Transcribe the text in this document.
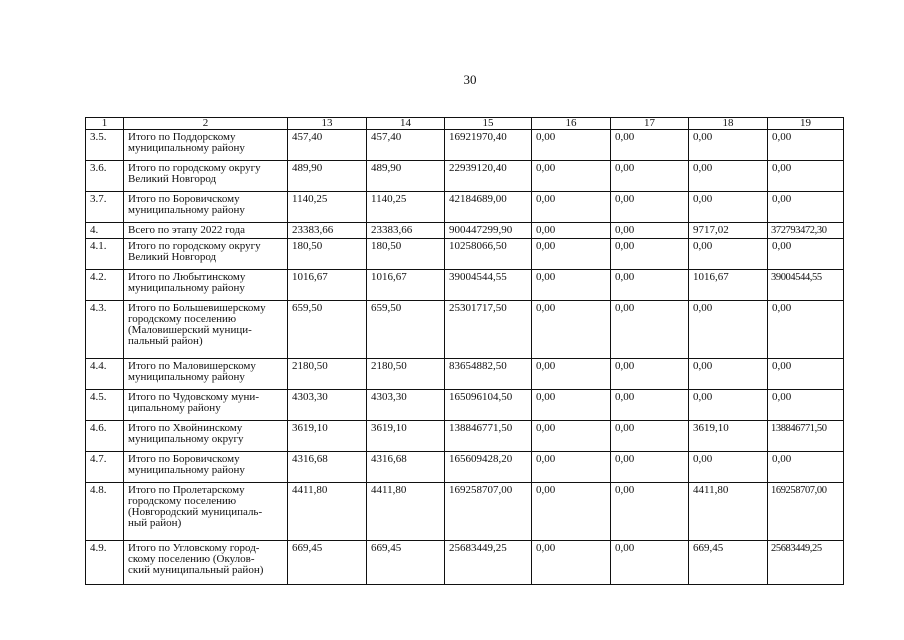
30
1	2	13	14	15	16	17	18	19
3.5.	Итого по Поддорскому
муниципальному району	457,40	457,40	16921970,40	0,00	0,00	0,00	0,00
3.6.	Итого по городскому округу
Великий Новгород	489,90	489,90	22939120,40	0,00	0,00	0,00	0,00
3.7.	Итого по Боровичскому
муниципальному району	1140,25	1140,25	42184689,00	0,00	0,00	0,00	0,00
4.	Всего по этапу 2022 года	23383,66	23383,66	900447299,90	0,00	0,00	9717,02	372793472,30
4.1.	Итого по городскому округу
Великий Новгород	180,50	180,50	10258066,50	0,00	0,00	0,00	0,00
4.2.	Итого по Любытинскому
муниципальному району	1016,67	1016,67	39004544,55	0,00	0,00	1016,67	39004544,55
4.3.	Итого по Большевишерскому
городскому поселению
(Маловишерский муници-
пальный район)	659,50	659,50	25301717,50	0,00	0,00	0,00	0,00
4.4.	Итого по Маловишерскому
муниципальному району	2180,50	2180,50	83654882,50	0,00	0,00	0,00	0,00
4.5.	Итого по Чудовскому муни-
ципальному району	4303,30	4303,30	165096104,50	0,00	0,00	0,00	0,00
4.6.	Итого по Хвойнинскому
муниципальному округу	3619,10	3619,10	138846771,50	0,00	0,00	3619,10	138846771,50
4.7.	Итого по Боровичскому
муниципальному району	4316,68	4316,68	165609428,20	0,00	0,00	0,00	0,00
4.8.	Итого по Пролетарскому
городскому поселению
(Новгородский муниципаль-
ный район)	4411,80	4411,80	169258707,00	0,00	0,00	4411,80	169258707,00
4.9.	Итого по Угловскому город-
скому поселению (Окулов-
ский муниципальный район)	669,45	669,45	25683449,25	0,00	0,00	669,45	25683449,25
